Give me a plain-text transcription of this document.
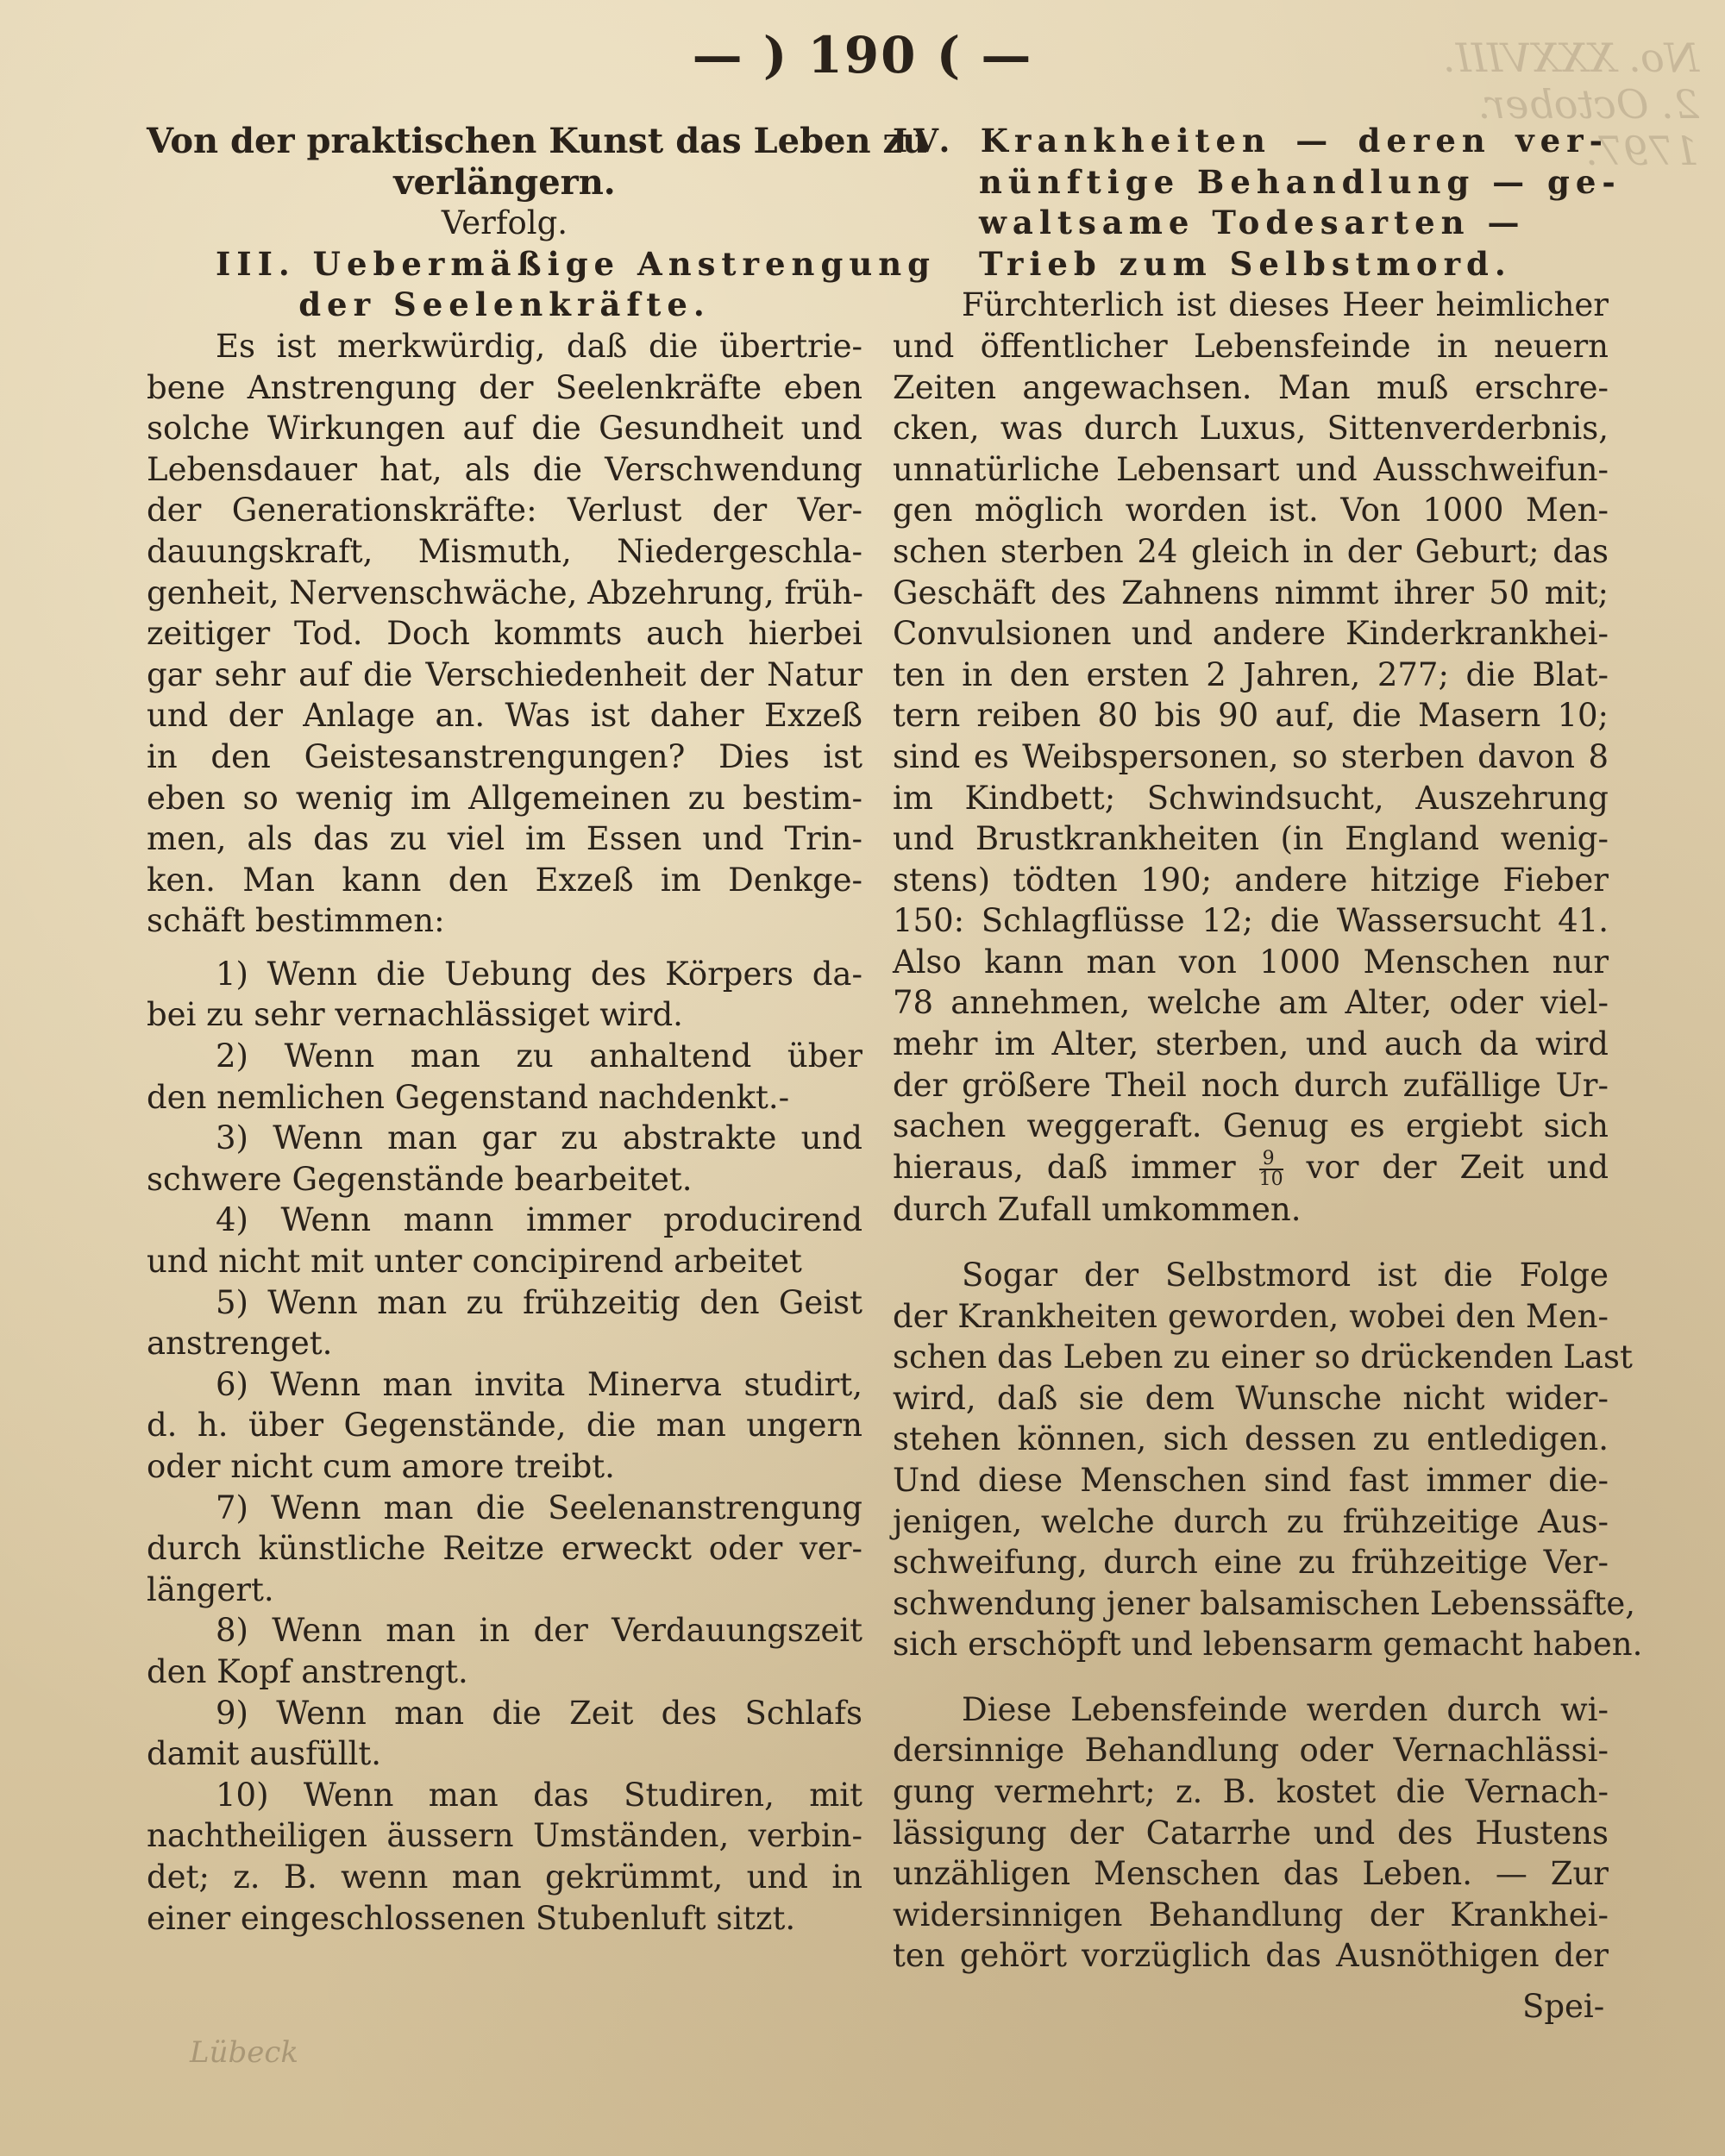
No. XXXVIII. 2. October. 1797.
— ) 190 ( —
Von der praktischen Kunst das Leben zu
verlängern.
Verfolg.
III. Uebermäßige Anstrengung
der Seelenkräfte.
Es ist merkwürdig, daß die übertrie-
bene Anstrengung der Seelenkräfte eben
solche Wirkungen auf die Gesundheit und
Lebensdauer hat, als die Verschwendung
der Generationskräfte: Verlust der Ver-
dauungskraft, Mismuth, Niedergeschla-
genheit, Nervenschwäche, Abzehrung, früh-
zeitiger Tod. Doch kommts auch hierbei
gar sehr auf die Verschiedenheit der Natur
und der Anlage an. Was ist daher Exzeß
in den Geistesanstrengungen? Dies ist
eben so wenig im Allgemeinen zu bestim-
men, als das zu viel im Essen und Trin-
ken. Man kann den Exzeß im Denkge-
schäft bestimmen:
1) Wenn die Uebung des Körpers da-
bei zu sehr vernachlässiget wird.
2) Wenn man zu anhaltend über
den nemlichen Gegenstand nachdenkt.-
3) Wenn man gar zu abstrakte und
schwere Gegenstände bearbeitet.
4) Wenn mann immer producirend
und nicht mit unter concipirend arbeitet
5) Wenn man zu frühzeitig den Geist
anstrenget.
6) Wenn man invita Minerva studirt,
d. h. über Gegenstände, die man ungern
oder nicht cum amore treibt.
7) Wenn man die Seelenanstrengung
durch künstliche Reitze erweckt oder ver-
längert.
8) Wenn man in der Verdauungszeit
den Kopf anstrengt.
9) Wenn man die Zeit des Schlafs
damit ausfüllt.
10) Wenn man das Studiren, mit
nachtheiligen äussern Umständen, verbin-
det; z. B. wenn man gekrümmt, und in
einer eingeschlossenen Stubenluft sitzt.
IV. Krankheiten — deren ver-
nünftige Behandlung — ge-
waltsame Todesarten —
Trieb zum Selbstmord.
Fürchterlich ist dieses Heer heimlicher
und öffentlicher Lebensfeinde in neuern
Zeiten angewachsen. Man muß erschre-
cken, was durch Luxus, Sittenverderbnis,
unnatürliche Lebensart und Ausschweifun-
gen möglich worden ist. Von 1000 Men-
schen sterben 24 gleich in der Geburt; das
Geschäft des Zahnens nimmt ihrer 50 mit;
Convulsionen und andere Kinderkrankhei-
ten in den ersten 2 Jahren, 277; die Blat-
tern reiben 80 bis 90 auf, die Masern 10;
sind es Weibspersonen, so sterben davon 8
im Kindbett; Schwindsucht, Auszehrung
und Brustkrankheiten (in England wenig-
stens) tödten 190; andere hitzige Fieber
150: Schlagflüsse 12; die Wassersucht 41.
Also kann man von 1000 Menschen nur
78 annehmen, welche am Alter, oder viel-
mehr im Alter, sterben, und auch da wird
der größere Theil noch durch zufällige Ur-
sachen weggeraft. Genug es ergiebt sich
hieraus, daß immer $\frac{9}{10}$ vor der Zeit und
durch Zufall umkommen.
Sogar der Selbstmord ist die Folge
der Krankheiten geworden, wobei den Men-
schen das Leben zu einer so drückenden Last
wird, daß sie dem Wunsche nicht wider-
stehen können, sich dessen zu entledigen.
Und diese Menschen sind fast immer die-
jenigen, welche durch zu frühzeitige Aus-
schweifung, durch eine zu frühzeitige Ver-
schwendung jener balsamischen Lebenssäfte,
sich erschöpft und lebensarm gemacht haben.
Diese Lebensfeinde werden durch wi-
dersinnige Behandlung oder Vernachlässi-
gung vermehrt; z. B. kostet die Vernach-
lässigung der Catarrhe und des Hustens
unzähligen Menschen das Leben. — Zur
widersinnigen Behandlung der Krankhei-
ten gehört vorzüglich das Ausnöthigen der
Spei-
Lübeck
